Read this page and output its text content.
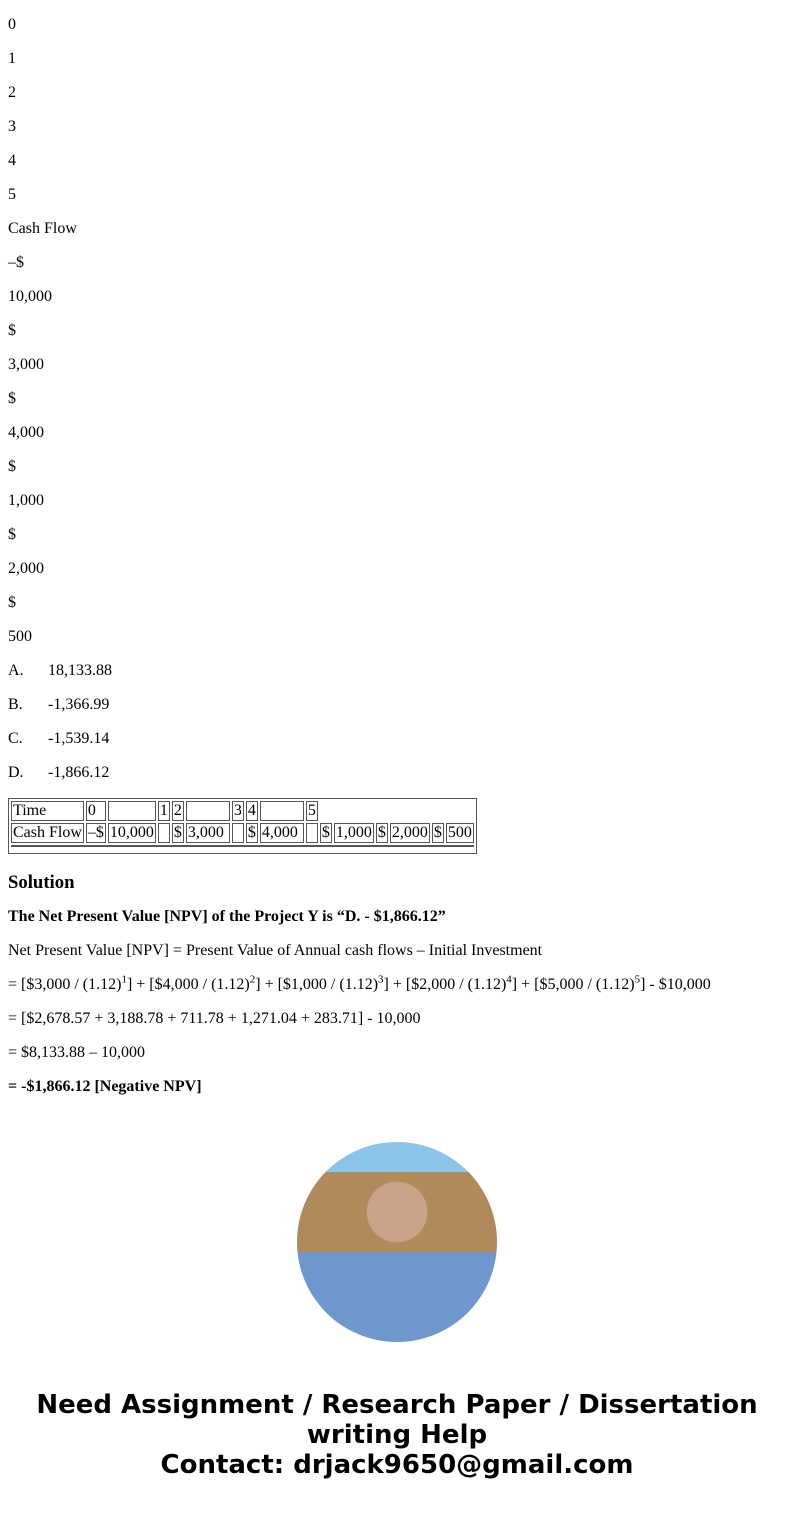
0

1

2

3

4

5

Cash Flow

–$

10,000

$

3,000

$

4,000

$

1,000

$

2,000

$

500

A. 18,133.88

B. -1,366.99

C. -1,539.14

D. -1,866.12

Time	0		1	2		3	4		5						
Cash Flow	–$	10,000		$	3,000		$	4,000		$	1,000	$	2,000	$	500

Solution

The Net Present Value [NPV] of the Project Y is “D. - $1,866.12”

Net Present Value [NPV] = Present Value of Annual cash flows – Initial Investment

= [$3,000 / $(1.12)^1$] + [$4,000 / $(1.12)^2$] + [$1,000 / $(1.12)^3$] + [$2,000 / $(1.12)^4$] + [$5,000 / $(1.12)^5$] - $10,000

= [$2,678.57 + 3,188.78 + 711.78 + 1,271.04 + 283.71] - 10,000

= $8,133.88 – 10,000

= -$1,866.12 [Negative NPV]

Need Assignment / Research Paper / Dissertation writing Help
Contact: drjack9650@gmail.com
